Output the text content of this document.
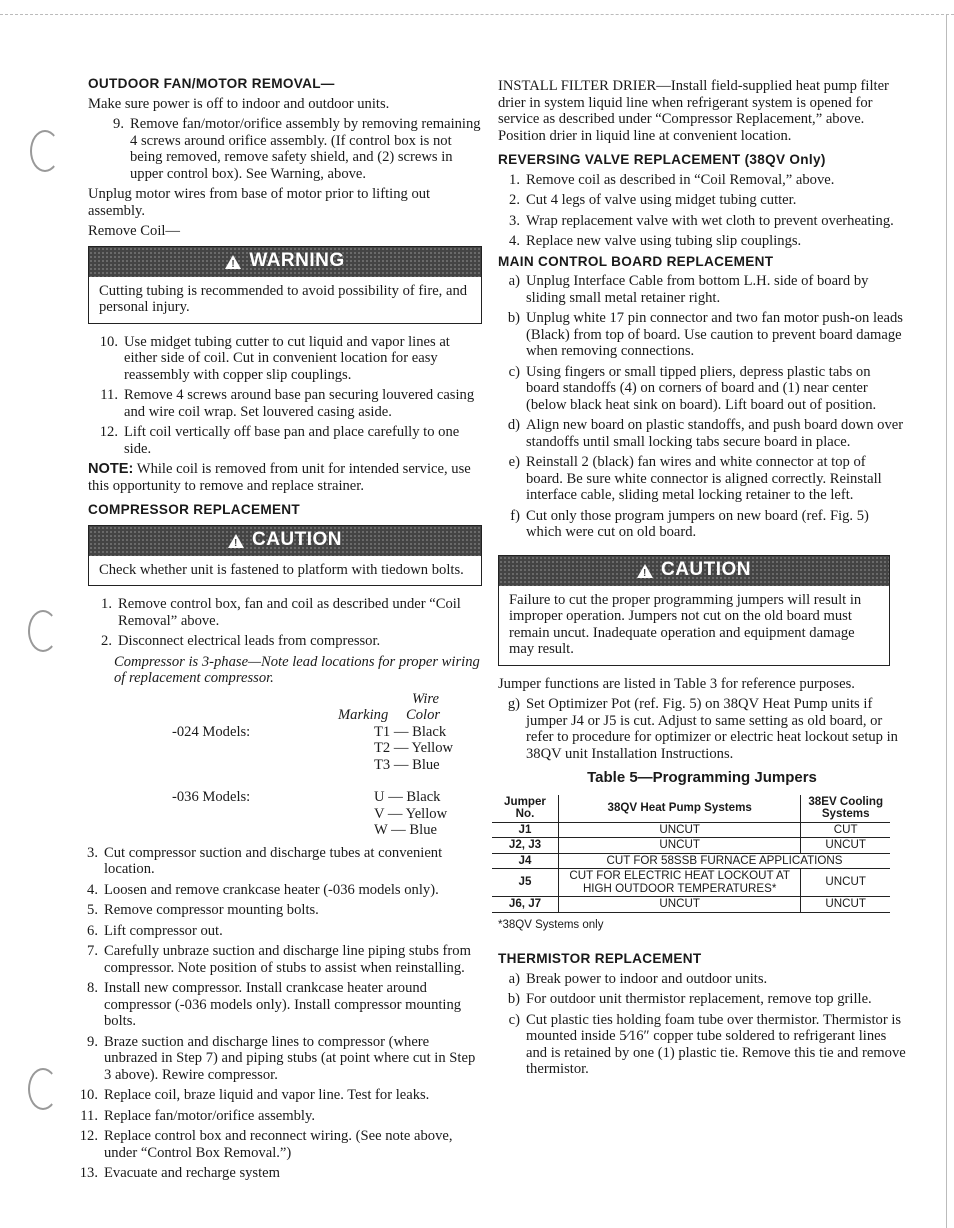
OUTDOOR FAN/MOTOR REMOVAL—

Make sure power is off to indoor and outdoor units.

9. Remove fan/motor/orifice assembly by removing remaining 4 screws around orifice assembly. (If control box is not being removed, remove safety shield, and (2) screws in upper control box). See Warning, above.

Unplug motor wires from base of motor prior to lifting out assembly.

Remove Coil—

!
WARNING
Cutting tubing is recommended to avoid possibility of fire, and personal injury.
10. Use midget tubing cutter to cut liquid and vapor lines at either side of coil. Cut in convenient location for easy reassembly with copper slip couplings.
11. Remove 4 screws around base pan securing louvered casing and wire coil wrap. Set louvered casing aside.
12. Lift coil vertically off base pan and place carefully to one side.

NOTE: While coil is removed from unit for intended service, use this opportunity to remove and replace strainer.

COMPRESSOR REPLACEMENT
!
CAUTION
Check whether unit is fastened to platform with tiedown bolts.
1. Remove control box, fan and coil as described under “Coil Removal” above.
2. Disconnect electrical leads from compressor.

Compressor is 3-phase—Note lead locations for proper wiring of replacement compressor.

Wire
Marking	Color
-024 Models:	T1 — Black
T2 — Yellow
T3 — Blue
-036 Models:	U — Black
V — Yellow
W — Blue
3. Cut compressor suction and discharge tubes at convenient location.
4. Loosen and remove crankcase heater (-036 models only).
5. Remove compressor mounting bolts.
6. Lift compressor out.
7. Carefully unbraze suction and discharge line piping stubs from compressor. Note position of stubs to assist when reinstalling.
8. Install new compressor. Install crankcase heater around compressor (-036 models only). Install compressor mounting bolts.
9. Braze suction and discharge lines to compressor (where unbrazed in Step 7) and piping stubs (at point where cut in Step 3 above). Rewire compressor.
10. Replace coil, braze liquid and vapor line. Test for leaks.
11. Replace fan/motor/orifice assembly.
12. Replace control box and reconnect wiring. (See note above, under “Control Box Removal.”)
13. Evacuate and recharge system

INSTALL FILTER DRIER—Install field-supplied heat pump filter drier in system liquid line when refrigerant system is opened for service as described under “Compressor Replacement,” above. Position drier in liquid line at convenient location.

REVERSING VALVE REPLACEMENT (38QV Only)
1. Remove coil as described in “Coil Removal,” above.
2. Cut 4 legs of valve using midget tubing cutter.
3. Wrap replacement valve with wet cloth to prevent overheating.
4. Replace new valve using tubing slip couplings.
MAIN CONTROL BOARD REPLACEMENT
a) Unplug Interface Cable from bottom L.H. side of board by sliding small metal retainer right.
b) Unplug white 17 pin connector and two fan motor push-on leads (Black) from top of board. Use caution to prevent board damage when removing connections.
c) Using fingers or small tipped pliers, depress plastic tabs on board standoffs (4) on corners of board and (1) near center (below black heat sink on board). Lift board out of position.
d) Align new board on plastic standoffs, and push board down over standoffs until small locking tabs secure board in place.
e) Reinstall 2 (black) fan wires and white connector at top of board. Be sure white connector is aligned correctly. Reinstall interface cable, sliding metal locking retainer to the left.
f) Cut only those program jumpers on new board (ref. Fig. 5) which were cut on old board.
!
CAUTION
Failure to cut the proper programming jumpers will result in improper operation. Jumpers not cut on the old board must remain uncut. Inadequate operation and equipment damage may result.

Jumper functions are listed in Table 3 for reference purposes.

g) Set Optimizer Pot (ref. Fig. 5) on 38QV Heat Pump units if jumper J4 or J5 is cut. Adjust to same setting as old board, or refer to procedure for optimizer or electric heat lockout setup in 38QV unit Installation Instructions.
Table 5—Programming Jumpers
Jumper No.	38QV Heat Pump Systems	38EV Cooling Systems
J1	UNCUT	CUT
J2, J3	UNCUT	UNCUT
J4	CUT FOR 58SSB FURNACE APPLICATIONS	
J5	CUT FOR ELECTRIC HEAT LOCKOUT AT HIGH OUTDOOR TEMPERATURES*	UNCUT
J6, J7	UNCUT	UNCUT
*38QV Systems only
THERMISTOR REPLACEMENT
a) Break power to indoor and outdoor units.
b) For outdoor unit thermistor replacement, remove top grille.
c) Cut plastic ties holding foam tube over thermistor. Thermistor is mounted inside 5⁄16″ copper tube soldered to refrigerant lines and is retained by one (1) plastic tie. Remove this tie and remove thermistor.
